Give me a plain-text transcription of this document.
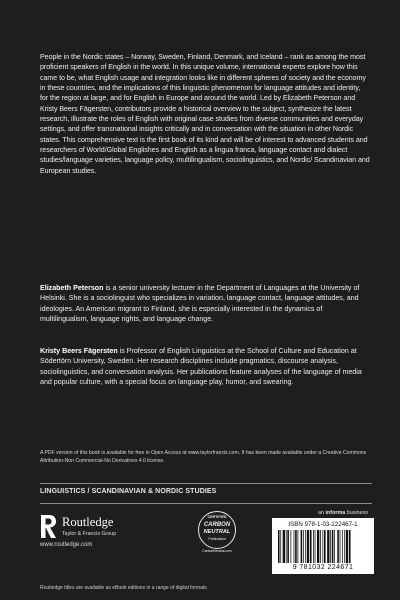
People in the Nordic states – Norway, Sweden, Finland, Denmark, and Iceland – rank as among the most proficient speakers of English in the world. In this unique volume, international experts explore how this came to be, what English usage and integration looks like in different spheres of society and the economy in these countries, and the implications of this linguistic phenomenon for language attitudes and identity, for the region at large, and for English in Europe and around the world. Led by Elizabeth Peterson and Kristy Beers Fägersten, contributors provide a historical overview to the subject, synthesize the latest research, illustrate the roles of English with original case studies from diverse communities and everyday settings, and offer transnational insights critically and in conversation with the situation in other Nordic states. This comprehensive text is the first book of its kind and will be of interest to advanced students and researchers of World/Global Englishes and English as a lingua franca, language contact and dialect studies/language varieties, language policy, multilingualism, sociolinguistics, and Nordic/ Scandinavian and European studies.

Elizabeth Peterson is a senior university lecturer in the Department of Languages at the University of Helsinki. She is a sociolinguist who specializes in variation, language contact, language attitudes, and ideologies. An American migrant to Finland, she is especially interested in the dynamics of multilingualism, language rights, and language change.
Kristy Beers Fägersten is Professor of English Linguistics at the School of Culture and Education at Södertörn University, Sweden. Her research disciplines include pragmatics, discourse analysis, sociolinguistics, and conversation analysis. Her publications feature analyses of the language of media and popular culture, with a special focus on language play, humor, and swearing.
A PDF version of this book is available for free in Open Access at www.taylorfrancis.com. It has been made available under a Creative Commons Attribution-Non Commercial-No Derivatives 4.0 license.
LINGUISTICS / SCANDINAVIAN & NORDIC STUDIES
Routledge
Taylor & Francis Group
www.routledge.com
CERTIFIED
CARBON
NEUTRAL
Publication
CarbonNeutral.com
an informa business
ISBN 978-1-03-222467-1
9 781032 224671
Routledge titles are available as eBook editions in a range of digital formats
